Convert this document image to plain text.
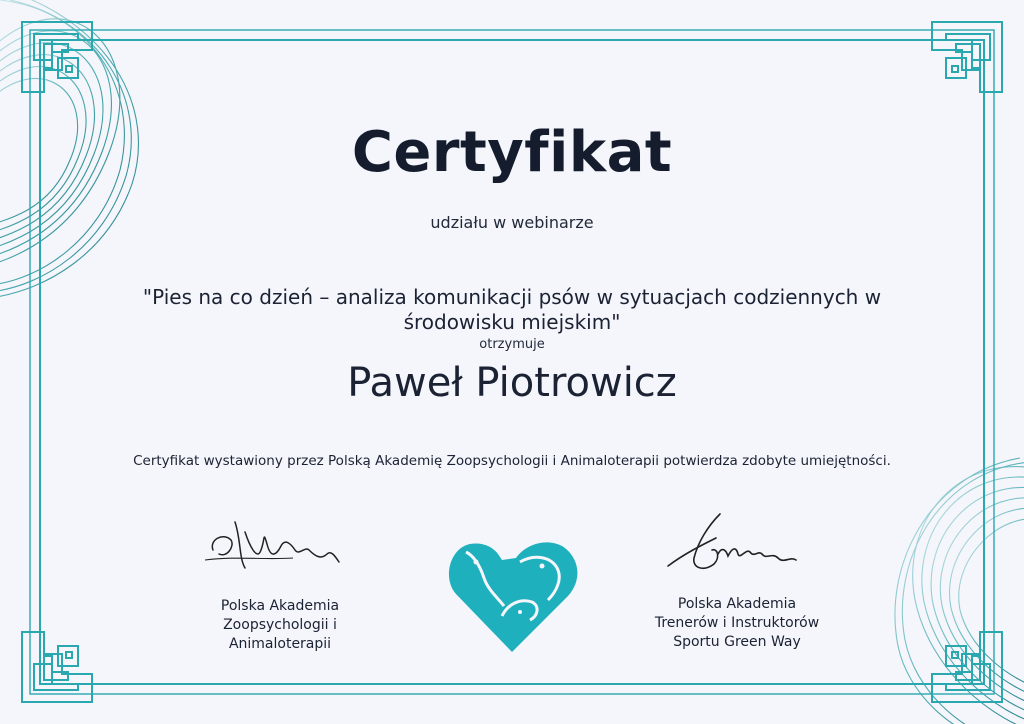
Certyfikat
udziału w webinarze
"Pies na co dzień – analiza komunikacji psów w sytuacjach codziennych w środowisku miejskim"
otrzymuje
Paweł Piotrowicz
Certyfikat wystawiony przez Polską Akademię Zoopsychologii i Animaloterapii potwierdza zdobyte umiejętności.
Polska Akademia
Zoopsychologii i
Animaloterapii
Polska Akademia
Trenerów i Instruktorów
Sportu Green Way
